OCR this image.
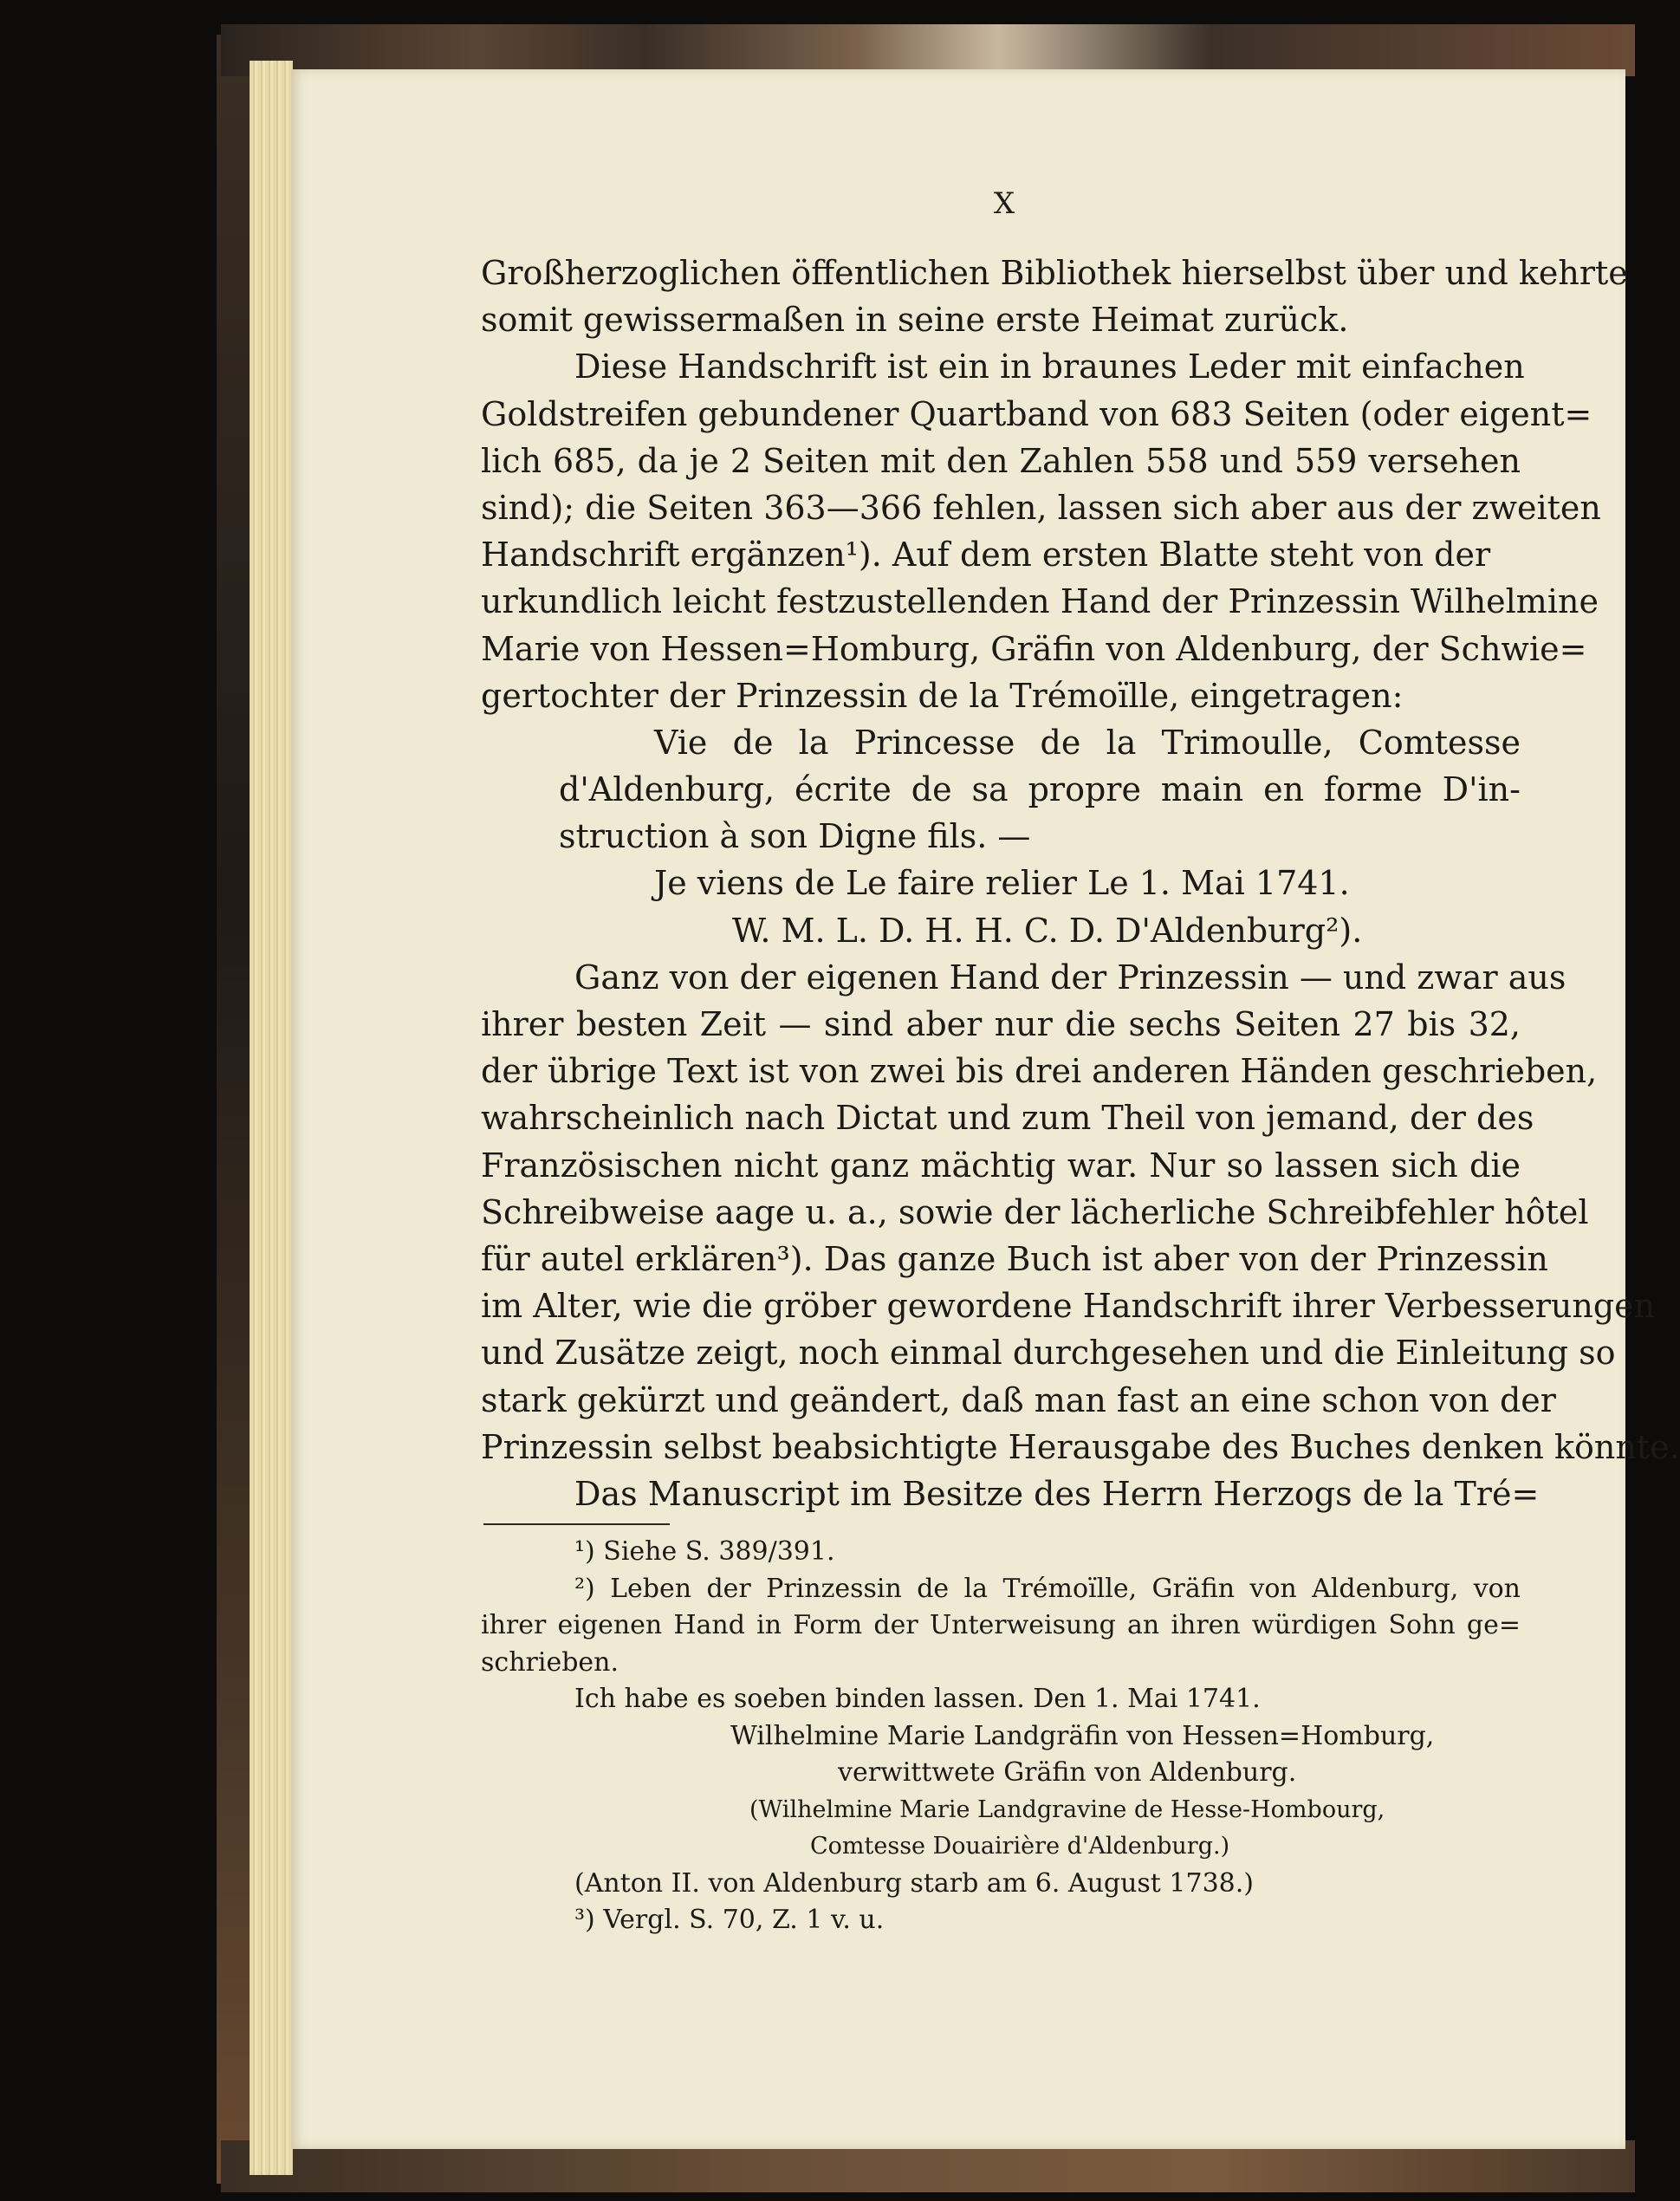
X
Großherzoglichen öffentlichen Bibliothek hierselbst über und kehrte
somit gewissermaßen in seine erste Heimat zurück.
Diese Handschrift ist ein in braunes Leder mit einfachen
Goldstreifen gebundener Quartband von 683 Seiten (oder eigent=
lich 685, da je 2 Seiten mit den Zahlen 558 und 559 versehen
sind); die Seiten 363—366 fehlen, lassen sich aber aus der zweiten
Handschrift ergänzen¹). Auf dem ersten Blatte steht von der
urkundlich leicht festzustellenden Hand der Prinzessin Wilhelmine
Marie von Hessen=Homburg, Gräfin von Aldenburg, der Schwie=
gertochter der Prinzessin de la Trémoïlle, eingetragen:
Vie de la Princesse de la Trimoulle, Comtesse
d'Aldenburg, écrite de sa propre main en forme D'in-
struction à son Digne fils. —
Je viens de Le faire relier Le 1. Mai 1741.
W. M. L. D. H. H. C. D. D'Aldenburg²).
Ganz von der eigenen Hand der Prinzessin — und zwar aus
ihrer besten Zeit — sind aber nur die sechs Seiten 27 bis 32,
der übrige Text ist von zwei bis drei anderen Händen geschrieben,
wahrscheinlich nach Dictat und zum Theil von jemand, der des
Französischen nicht ganz mächtig war. Nur so lassen sich die
Schreibweise aage u. a., sowie der lächerliche Schreibfehler hôtel
für autel erklären³). Das ganze Buch ist aber von der Prinzessin
im Alter, wie die gröber gewordene Handschrift ihrer Verbesserungen
und Zusätze zeigt, noch einmal durchgesehen und die Einleitung so
stark gekürzt und geändert, daß man fast an eine schon von der
Prinzessin selbst beabsichtigte Herausgabe des Buches denken könnte.
Das Manuscript im Besitze des Herrn Herzogs de la Tré=
¹) Siehe S. 389/391.
²) Leben der Prinzessin de la Trémoïlle, Gräfin von Aldenburg, von
ihrer eigenen Hand in Form der Unterweisung an ihren würdigen Sohn ge=
schrieben.
Ich habe es soeben binden lassen. Den 1. Mai 1741.
Wilhelmine Marie Landgräfin von Hessen=Homburg,
verwittwete Gräfin von Aldenburg.
(Wilhelmine Marie Landgravine de Hesse-Hombourg,
Comtesse Douairière d'Aldenburg.)
(Anton II. von Aldenburg starb am 6. August 1738.)
³) Vergl. S. 70, Z. 1 v. u.
